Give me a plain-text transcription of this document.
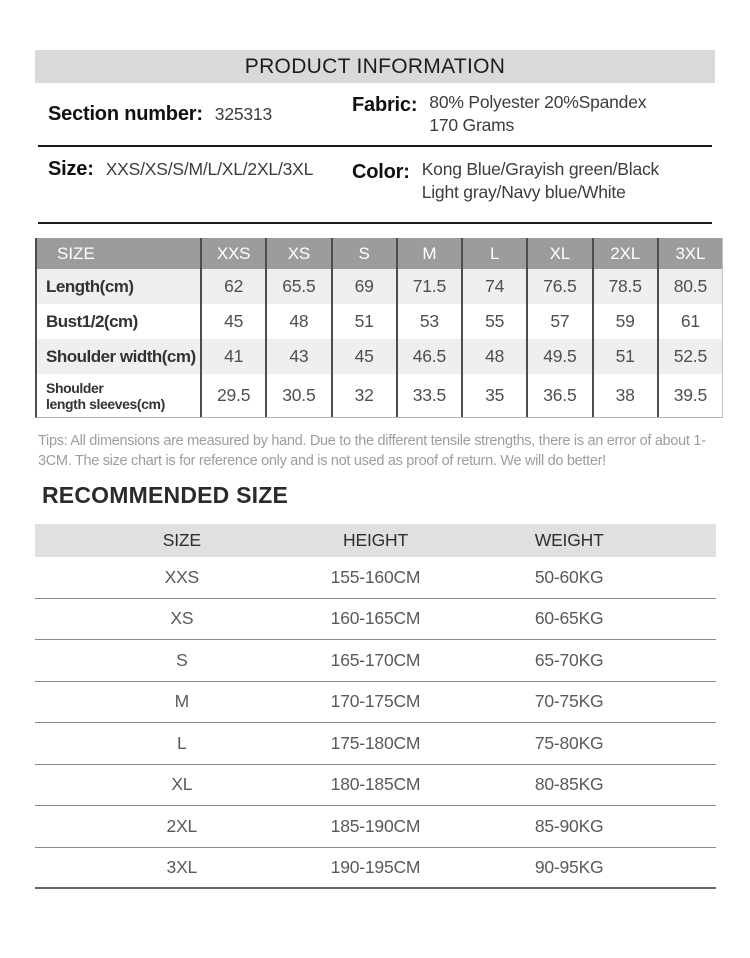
PRODUCT INFORMATION
Section number: 325313	Fabric: 80% Polyester 20%Spandex
170 Grams
Size: XXS/XS/S/M/L/XL/2XL/3XL Color: Kong Blue/Grayish green/Black
Light gray/Navy blue/White
SIZE	XXS XS	S	M	L	XL 2XL 3XL
Length(cm)	62 65.5 69 71.5 74 76.5 78.5 80.5
Bust1/2(cm)	45	48	51	53	55	57	59	61
Shoulder width(cm) 41	43	45 46.5 48 49.5 51 52.5
Shoulder
length sleeves(cm)	29.5 30.5 32 33.5 35 36.5 38 39.5

Tips: All dimensions are measured by hand. Due to the different tensile strengths, there is an error of about 1-3CM. The size chart is for reference only and is not used as proof of return. We will do better!

RECOMMENDED SIZE
SIZE	HEIGHT	WEIGHT
XXS	155-160CM	50-60KG
XS	160-165CM	60-65KG
S	165-170CM	65-70KG
M	170-175CM	70-75KG
L	175-180CM	75-80KG
XL	180-185CM	80-85KG
2XL	185-190CM	85-90KG
3XL	190-195CM	90-95KG
